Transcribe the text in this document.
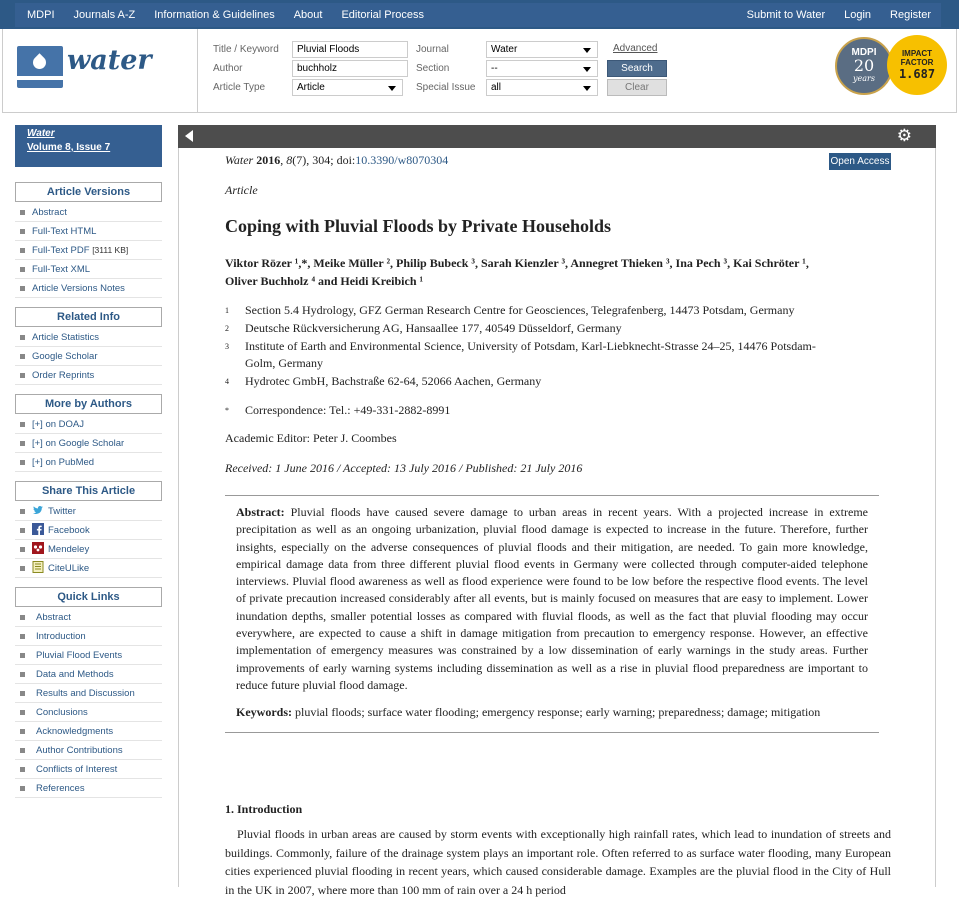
MDPI Journals A-Z Information & Guidelines About Editorial Process	Submit to Water Login Register
water	Title / Keyword	Pluvial Floods
Author	buchholz
Article Type	Article
Journal	Water
Section	--
Special Issue	all
Advanced
Search
Clear
MDPI
20
years
IMPACT
FACTOR
1.687
Water
Volume 8, Issue 7
Article Versions
Abstract
Full-Text HTML
Full-Text PDF [3111 KB]
Full-Text XML
Article Versions Notes
Related Info
Article Statistics
Google Scholar
Order Reprints
More by Authors
[+] on DOAJ
[+] on Google Scholar
[+] on PubMed
Share This Article
Twitter
Facebook
Mendeley
CiteULike
Quick Links
Abstract
Introduction
Pluvial Flood Events
Data and Methods
Results and Discussion
Conclusions
Acknowledgments
Author Contributions
Conflicts of Interest
References
⚙
Water 2016, 8(7), 304; doi:10.3390/w8070304	Open Access
Article
Coping with Pluvial Floods by Private Households
Viktor Rözer ¹,*, Meike Müller ², Philip Bubeck ³, Sarah Kienzler ³, Annegret Thieken ³, Ina Pech ³, Kai Schröter ¹,
Oliver Buchholz ⁴ and Heidi Kreibich ¹
1 Section 5.4 Hydrology, GFZ German Research Centre for Geosciences, Telegrafenberg, 14473 Potsdam, Germany
2 Deutsche Rückversicherung AG, Hansaallee 177, 40549 Düsseldorf, Germany
3 Institute of Earth and Environmental Science, University of Potsdam, Karl-Liebknecht-Strasse 24–25, 14476 Potsdam-Golm, Germany
4 Hydrotec GmbH, Bachstraße 62-64, 52066 Aachen, Germany
* Correspondence: Tel.: +49-331-2882-8991
Academic Editor: Peter J. Coombes
Received: 1 June 2016 / Accepted: 13 July 2016 / Published: 21 July 2016
Abstract: Pluvial floods have caused severe damage to urban areas in recent years. With a projected increase in extreme precipitation as well as an ongoing urbanization, pluvial flood damage is expected to increase in the future. Therefore, further insights, especially on the adverse consequences of pluvial floods and their mitigation, are needed. To gain more knowledge, empirical damage data from three different pluvial flood events in Germany were collected through computer-aided telephone interviews. Pluvial flood awareness as well as flood experience were found to be low before the respective flood events. The level of private precaution increased considerably after all events, but is mainly focused on measures that are easy to implement. Lower inundation depths, smaller potential losses as compared with fluvial floods, as well as the fact that pluvial flooding may occur everywhere, are expected to cause a shift in damage mitigation from precaution to emergency response. However, an effective implementation of emergency measures was constrained by a low dissemination of early warnings in the study areas. Further improvements of early warning systems including dissemination as well as a rise in pluvial flood preparedness are important to reduce future pluvial flood damage.
Keywords: pluvial floods; surface water flooding; emergency response; early warning; preparedness; damage; mitigation
1. Introduction
Pluvial floods in urban areas are caused by storm events with exceptionally high rainfall rates, which lead to inundation of streets and buildings. Commonly, failure of the drainage system plays an important role. Often referred to as surface water flooding, many European cities experienced pluvial flooding in recent years, which caused considerable damage. Examples are the pluvial flood in the City of Hull in the UK in 2007, where more than 100 mm of rain over a 24 h period
